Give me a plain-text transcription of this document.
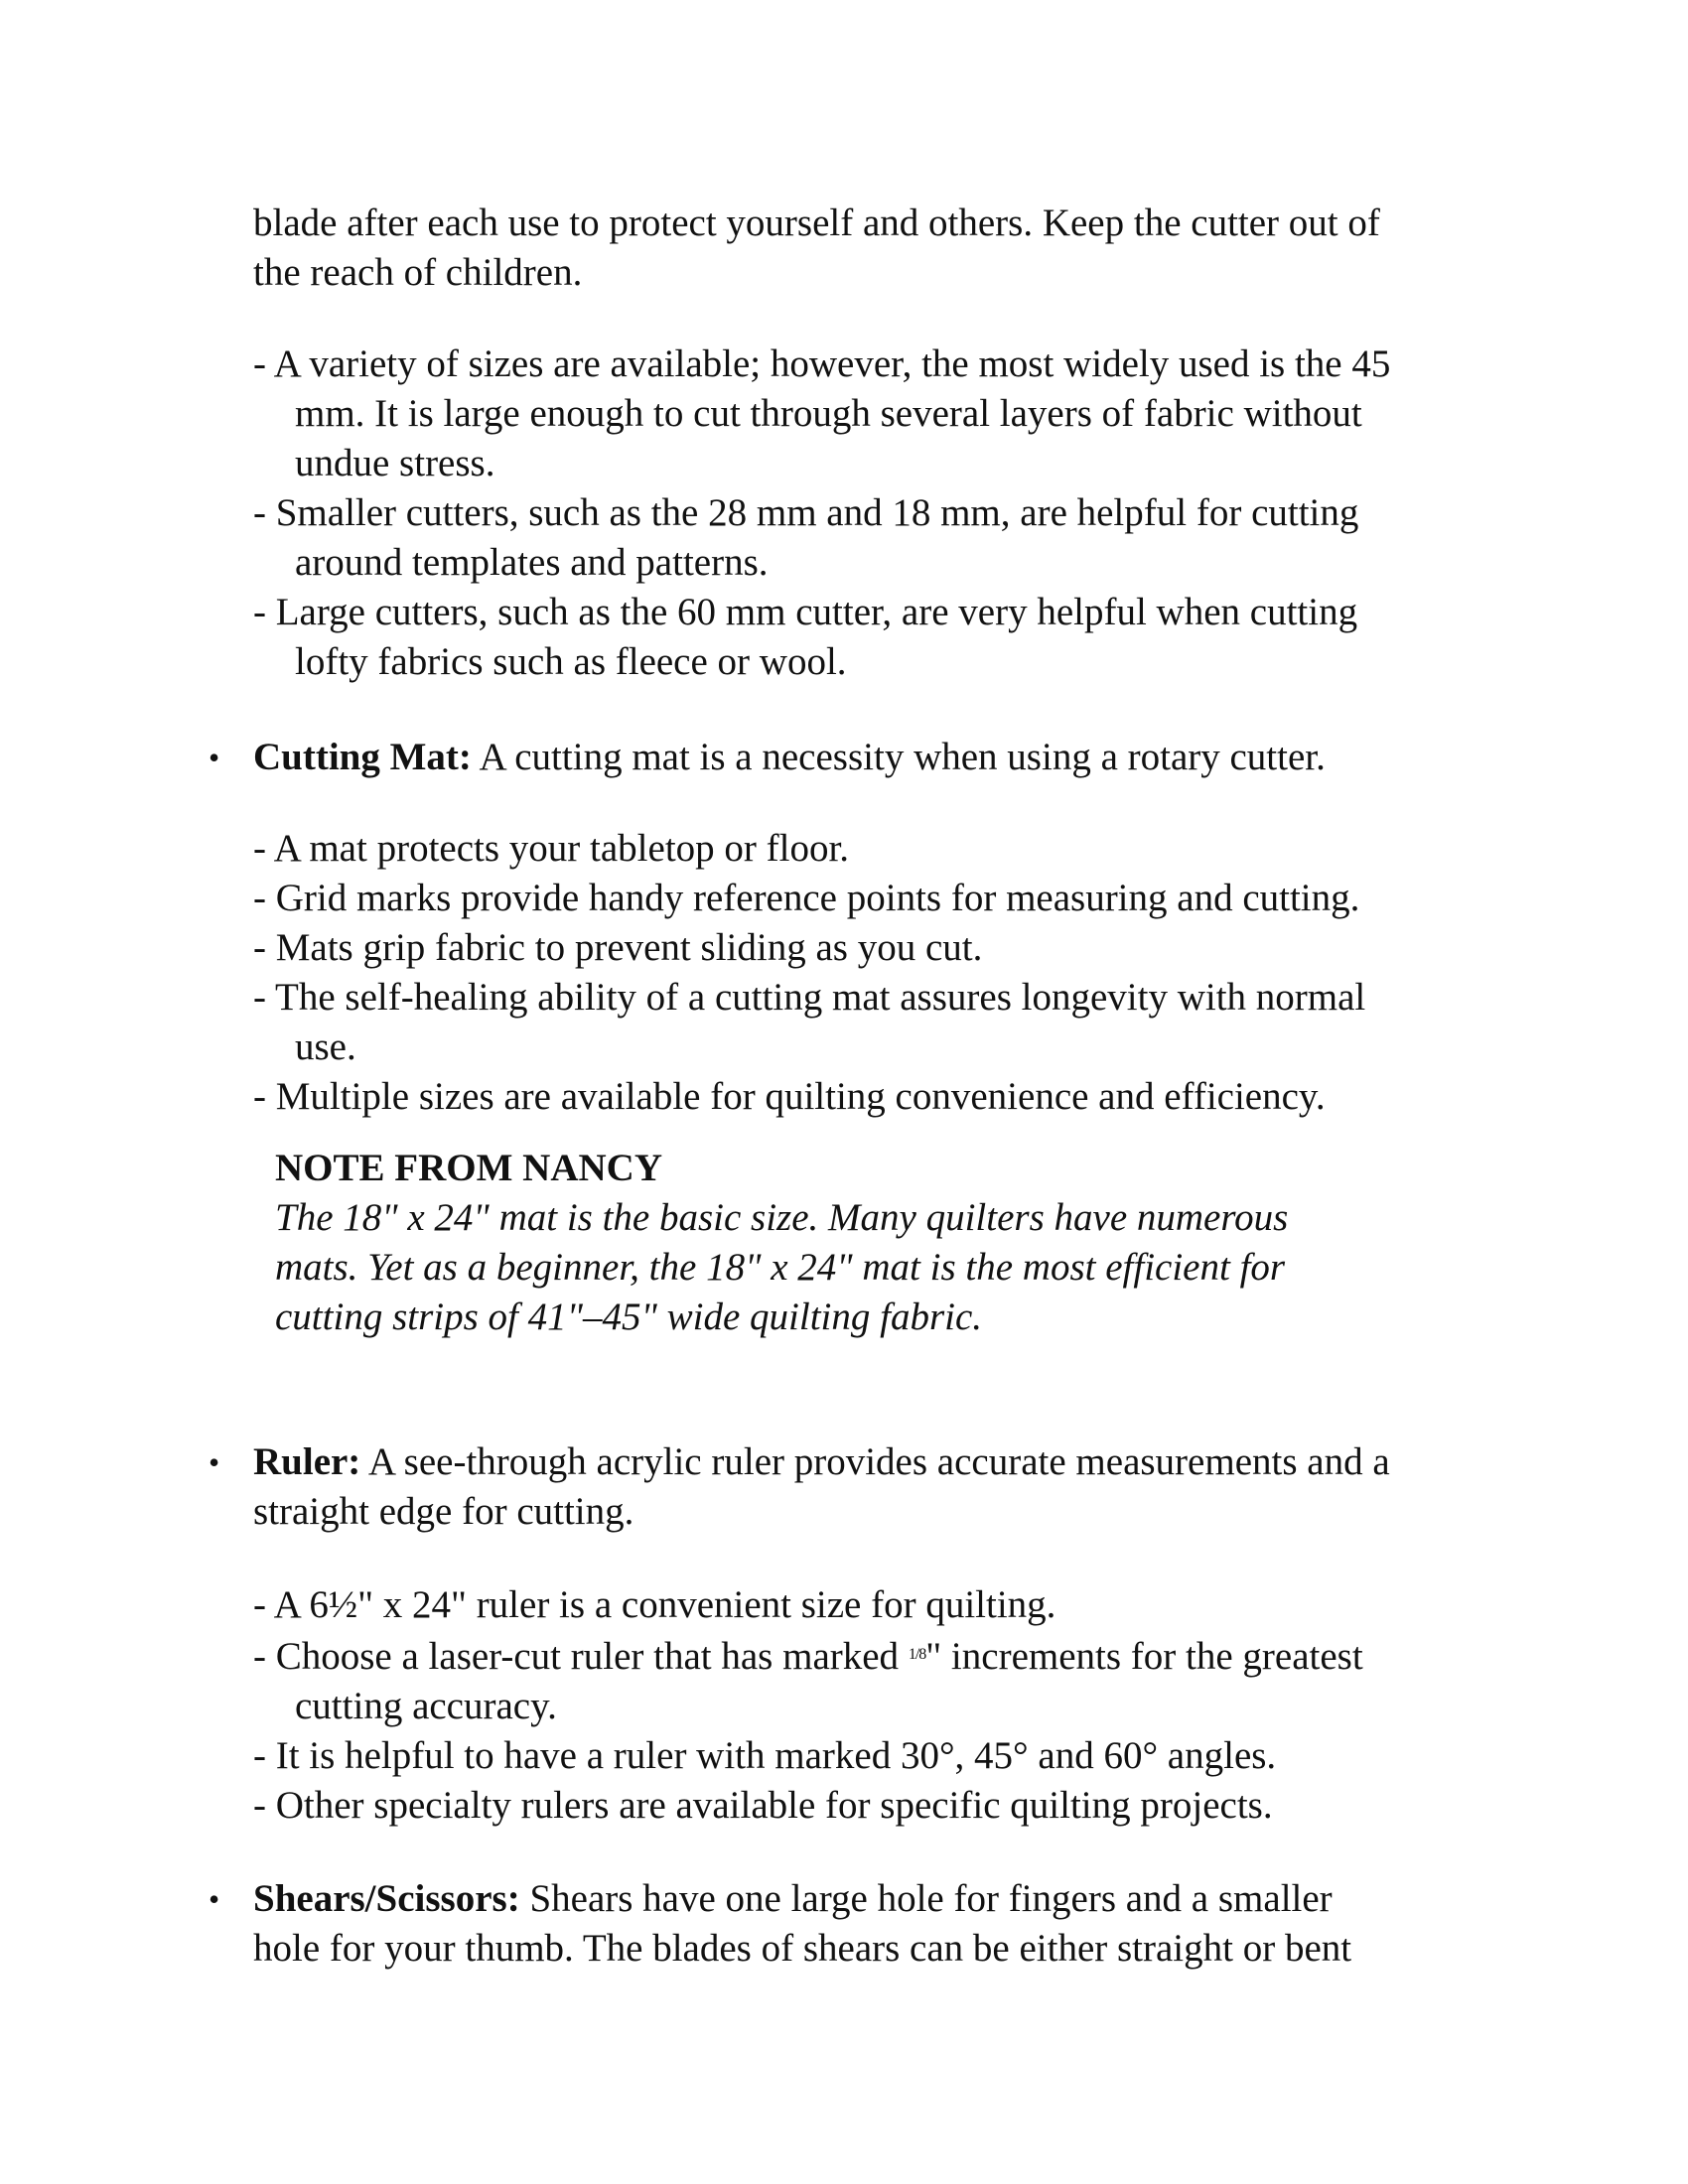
blade after each use to protect yourself and others. Keep the cutter out of
the reach of children.
- A variety of sizes are available; however, the most widely used is the 45
mm. It is large enough to cut through several layers of fabric without
undue stress.
- Smaller cutters, such as the 28 mm and 18 mm, are helpful for cutting
around templates and patterns.
- Large cutters, such as the 60 mm cutter, are very helpful when cutting
lofty fabrics such as fleece or wool.
• Cutting Mat: A cutting mat is a necessity when using a rotary cutter.
- A mat protects your tabletop or floor.
- Grid marks provide handy reference points for measuring and cutting.
- Mats grip fabric to prevent sliding as you cut.
- The self-healing ability of a cutting mat assures longevity with normal
use.
- Multiple sizes are available for quilting convenience and efficiency.
NOTE FROM NANCY
The 18" x 24" mat is the basic size. Many quilters have numerous
mats. Yet as a beginner, the 18" x 24" mat is the most efficient for
cutting strips of 41"–45" wide quilting fabric.
• Ruler: A see-through acrylic ruler provides accurate measurements and a
straight edge for cutting.
- A 6½" x 24" ruler is a convenient size for quilting.
- Choose a laser-cut ruler that has marked $^{1/8}$" increments for the greatest
cutting accuracy.
- It is helpful to have a ruler with marked 30°, 45° and 60° angles.
- Other specialty rulers are available for specific quilting projects.
• Shears/Scissors: Shears have one large hole for fingers and a smaller
hole for your thumb. The blades of shears can be either straight or bent
